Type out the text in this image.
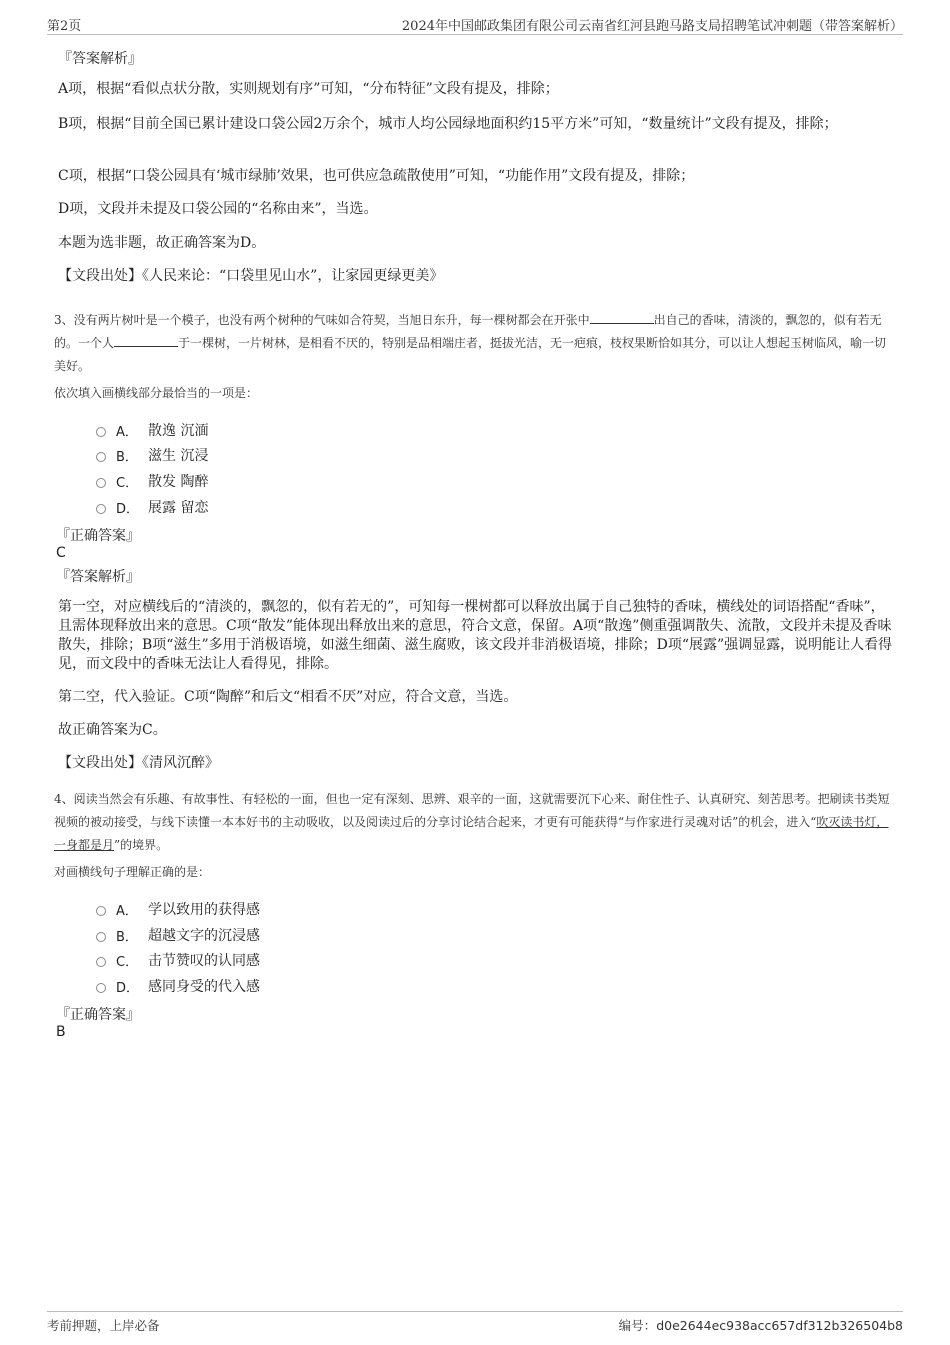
第2页	2024年中国邮政集团有限公司云南省红河县跑马路支局招聘笔试冲刺题（带答案解析）
『答案解析』
A项，根据“看似点状分散，实则规划有序”可知，“分布特征”文段有提及，排除；
B项，根据“目前全国已累计建设口袋公园2万余个，城市人均公园绿地面积约15平方米”可知，“数量统计”文段有提及，排除；
C项，根据“口袋公园具有‘城市绿肺’效果，也可供应急疏散使用”可知，“功能作用”文段有提及，排除；
D项，文段并未提及口袋公园的“名称由来”，当选。
本题为选非题，故正确答案为D。
【文段出处】《人民来论：“口袋里见山水”，让家园更绿更美》
3、没有两片树叶是一个模子，也没有两个树种的气味如合符契，当旭日东升，每一棵树都会在开张中	出自己的香味，清淡的，飘忽的，似有若无的。一个人	于一棵树，一片树林，是相看不厌的，特别是品相端庄者，挺拔光洁，无一疤痕，枝杈果断恰如其分，可以让人想起玉树临风，喻一切美好。
依次填入画横线部分最恰当的一项是：
A． 散逸 沉湎
B． 滋生 沉浸
C． 散发 陶醉
D． 展露 留恋
『正确答案』
C
『答案解析』
第一空，对应横线后的“清淡的，飘忽的，似有若无的”，可知每一棵树都可以释放出属于自己独特的香味，横线处的词语搭配“香味”，且需体现释放出来的意思。C项“散发”能体现出释放出来的意思，符合文意，保留。A项“散逸”侧重强调散失、流散，文段并未提及香味散失，排除；B项“滋生”多用于消极语境，如滋生细菌、滋生腐败，该文段并非消极语境，排除；D项“展露”强调显露，说明能让人看得见，而文段中的香味无法让人看得见，排除。
第二空，代入验证。C项“陶醉”和后文“相看不厌”对应，符合文意，当选。
故正确答案为C。
【文段出处】《清风沉醉》
4、阅读当然会有乐趣、有故事性、有轻松的一面，但也一定有深刻、思辨、艰辛的一面，这就需要沉下心来、耐住性子、认真研究、刻苦思考。把刷读书类短视频的被动接受，与线下读懂一本本好书的主动吸收，以及阅读过后的分享讨论结合起来，才更有可能获得“与作家进行灵魂对话”的机会，进入“吹灭读书灯，一身都是月”的境界。
对画横线句子理解正确的是：
A． 学以致用的获得感
B． 超越文字的沉浸感
C． 击节赞叹的认同感
D． 感同身受的代入感
『正确答案』
B
考前押题，上岸必备	编号：d0e2644ec938acc657df312b326504b8
